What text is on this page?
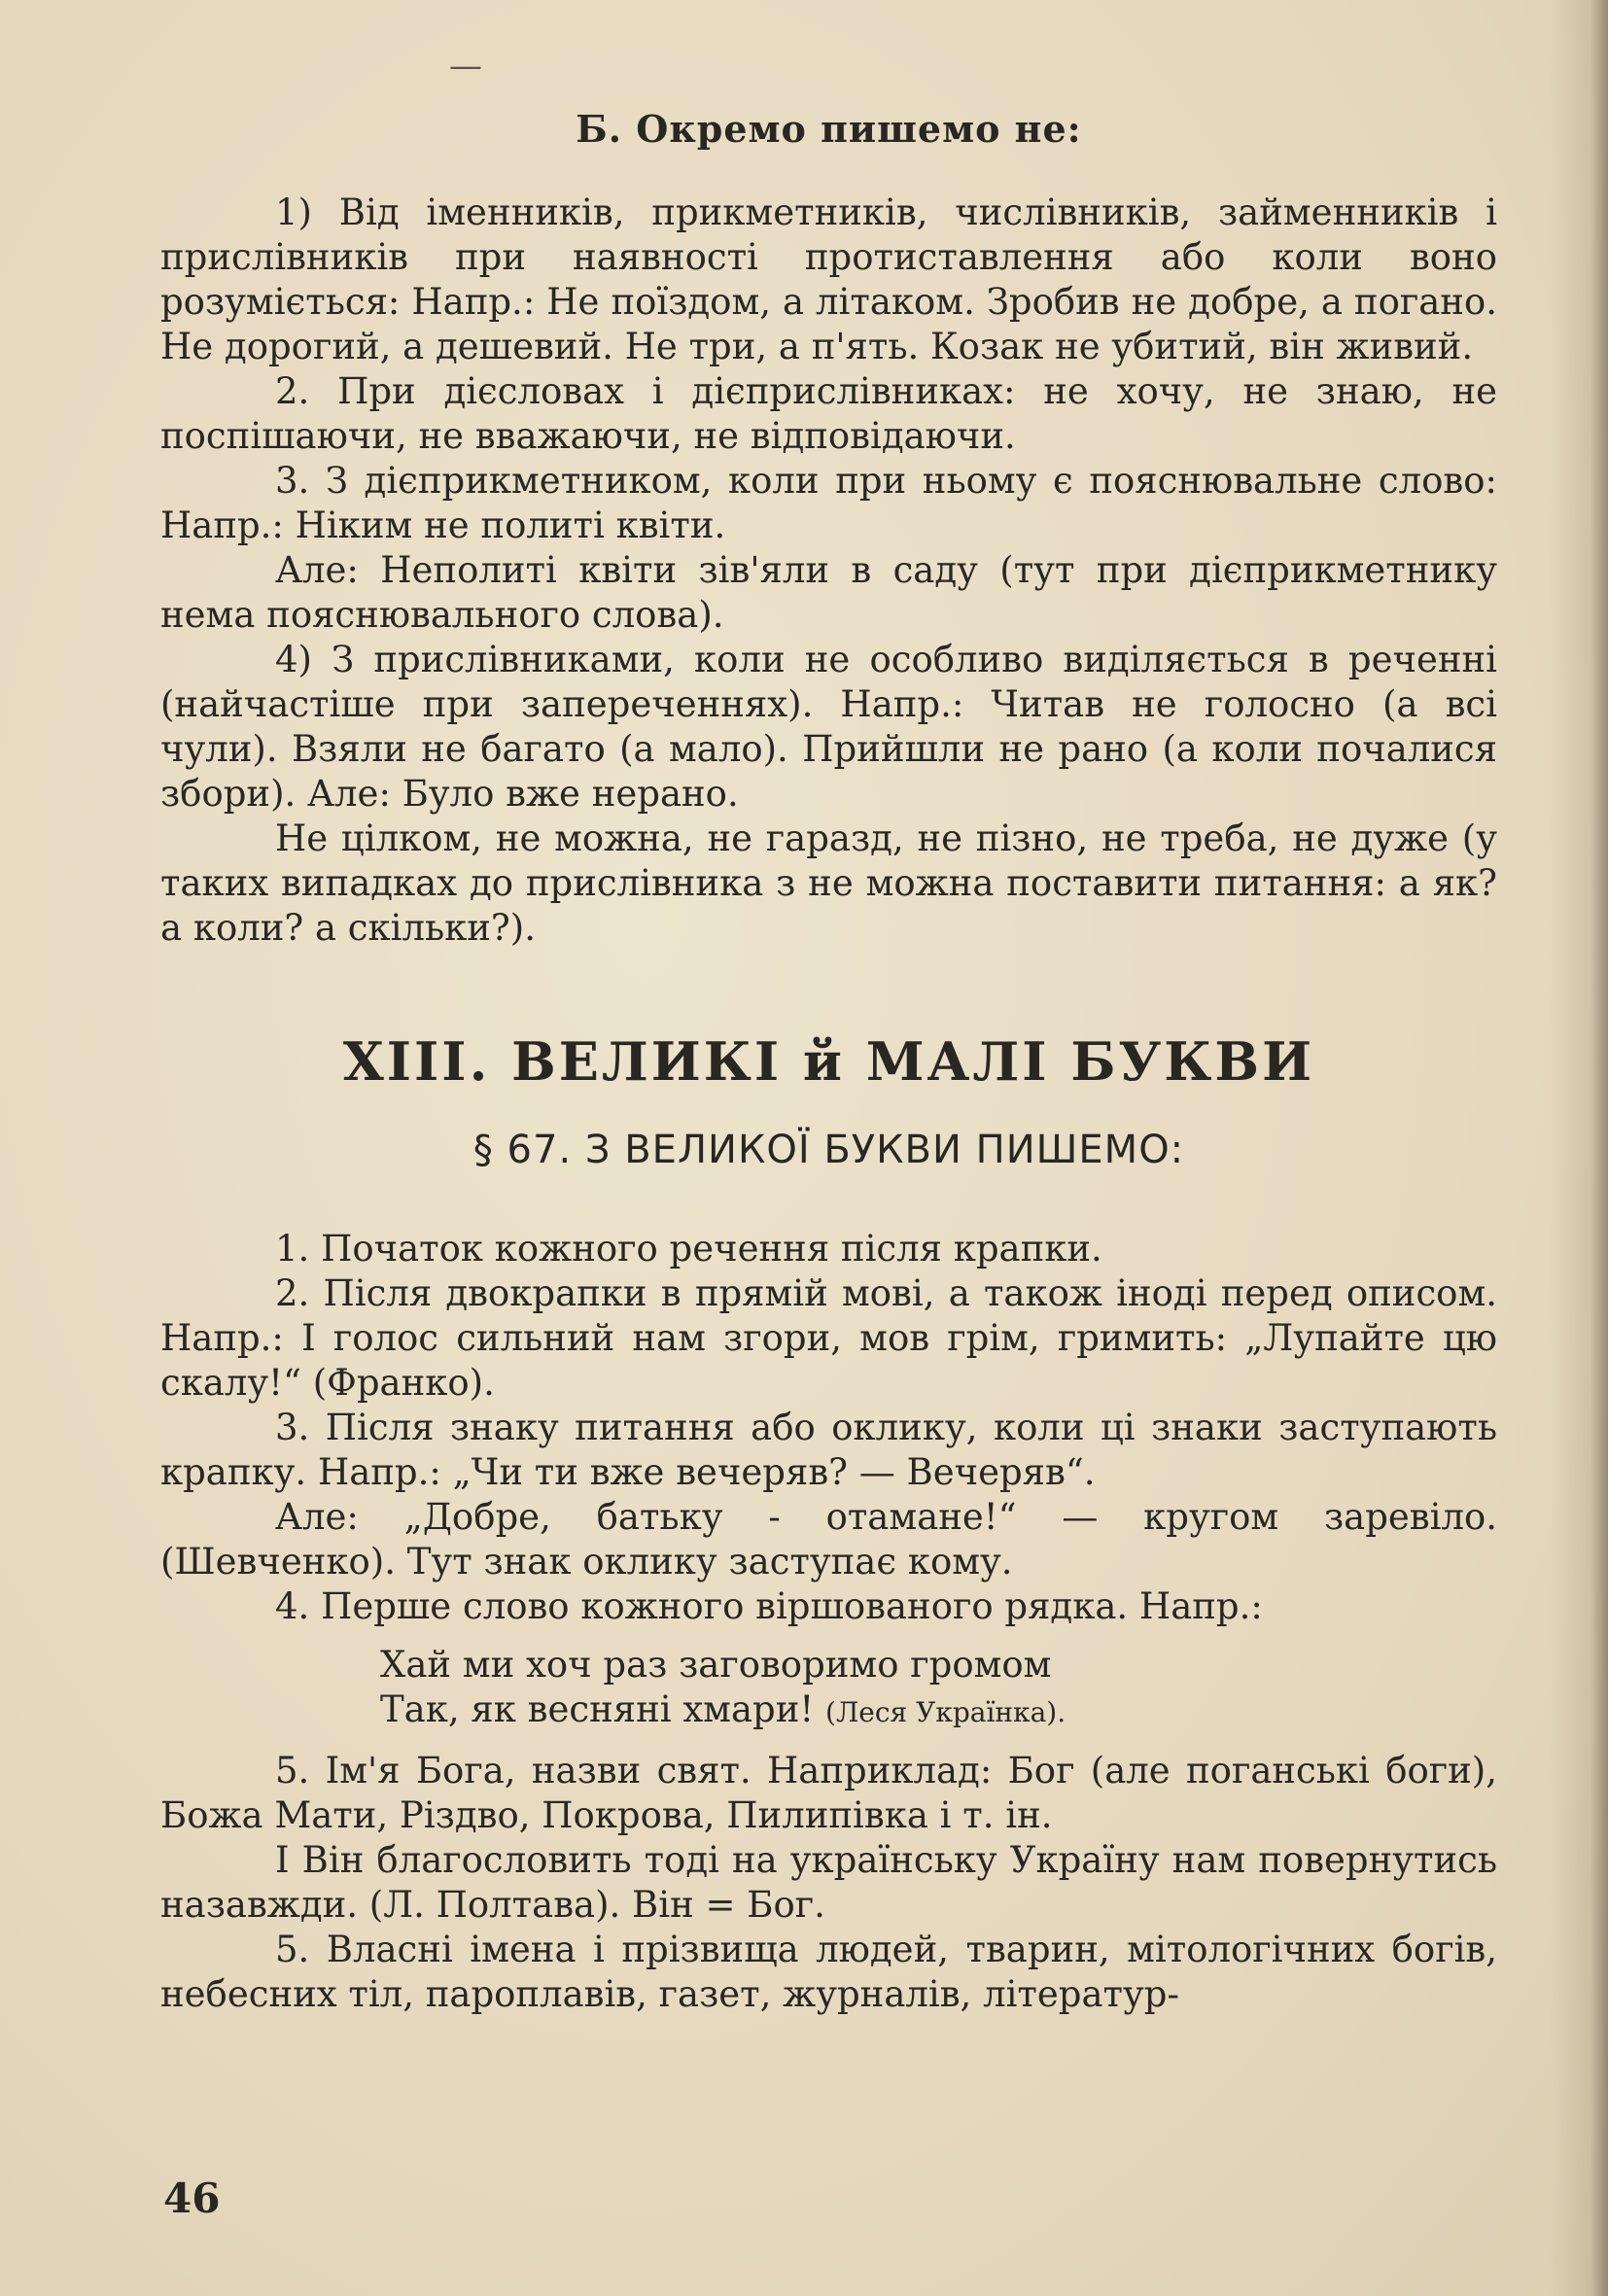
—
Б. Окремо пишемо не:

1) Від іменників, прикметників, числівників, займенників і прислівників при наявності протиставлення або коли воно розуміється: Напр.: Не поїздом, а літаком. Зробив не добре, а погано. Не дорогий, а дешевий. Не три, а п'ять. Козак не убитий, він живий.

2. При дієсловах і дієприслівниках: не хочу, не знаю, не поспішаючи, не вважаючи, не відповідаючи.

3. З дієприкметником, коли при ньому є пояснювальне слово: Напр.: Ніким не политі квіти.

Але: Неполиті квіти зів'яли в саду (тут при дієприкметнику нема пояснювального слова).

4) З прислівниками, коли не особливо виділяється в реченні (найчастіше при запереченнях). Напр.: Читав не голосно (а всі чули). Взяли не багато (а мало). Прийшли не рано (а коли почалися збори). Але: Було вже нерано.

Не цілком, не можна, не гаразд, не пізно, не треба, не дуже (у таких випадках до прислівника з не можна поставити питання: а як? а коли? а скільки?).

XIII. ВЕЛИКІ й МАЛІ БУКВИ
§ 67. З ВЕЛИКОЇ БУКВИ ПИШЕМО:

1. Початок кожного речення після крапки.

2. Після двокрапки в прямій мові, а також іноді перед описом. Напр.: І голос сильний нам згори, мов грім, гримить: „Лупайте цю скалу!“ (Франко).

3. Після знаку питання або оклику, коли ці знаки заступають крапку. Напр.: „Чи ти вже вечеряв? — Вечеряв“.

Але: „Добре, батьку - отамане!“ — кругом заревіло. (Шевченко). Тут знак оклику заступає кому.

4. Перше слово кожного віршованого рядка. Напр.:

Хай ми хоч раз заговоримо громом
Так, як весняні хмари! (Леся Українка).

5. Ім'я Бога, назви свят. Наприклад: Бог (але поганські боги), Божа Мати, Різдво, Покрова, Пилипівка і т. ін.

І Він благословить тоді на українську Україну нам повернутись назавжди. (Л. Полтава). Він = Бог.

5. Власні імена і прізвища людей, тварин, мітологічних богів, небесних тіл, пароплавів, газет, журналів, літератур-

46
